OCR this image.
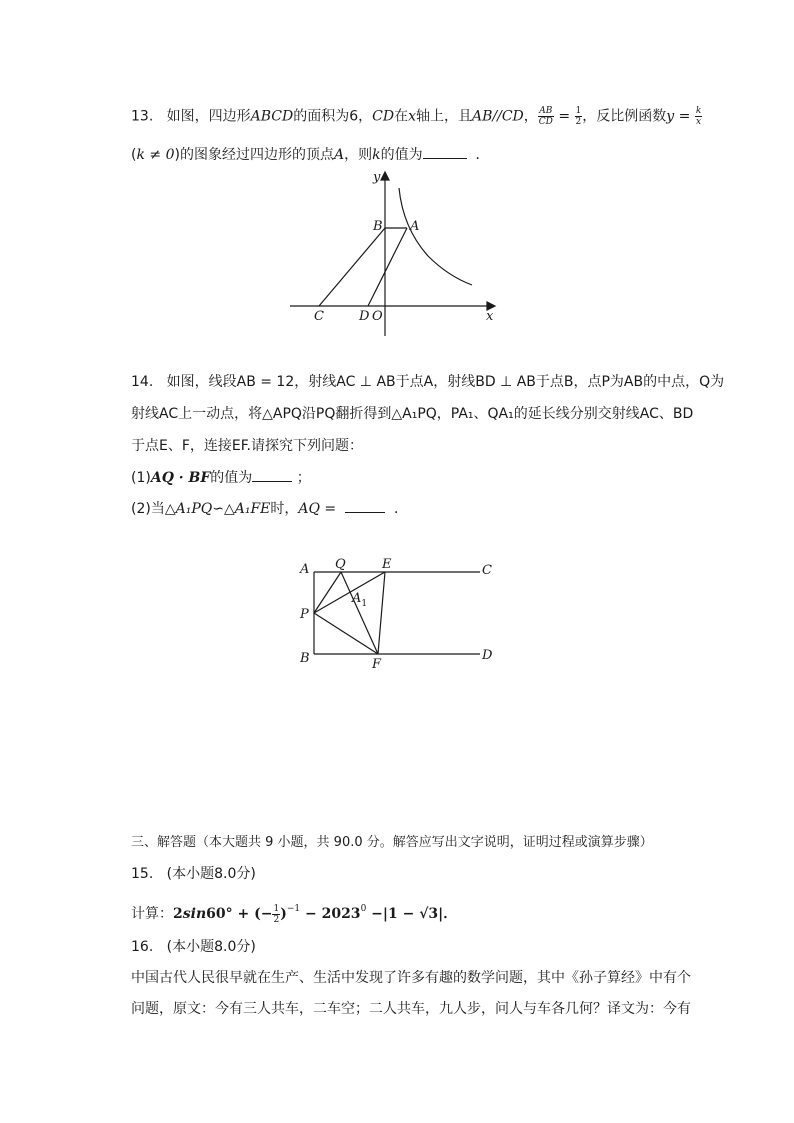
13. 如图，四边形ABCD的面积为6，CD在x轴上，且AB//CD， $\frac{AB}{CD} = \frac{1}{2}$ ，反比例函数$y = \frac{k}{x}$
(k ≠ 0)的图象经过四边形的顶点A，则k的值为	．
y
x
B A
C	D O
14. 如图，线段AB = 12，射线AC ⊥ AB于点A，射线BD ⊥ AB于点B，点P为AB的中点，Q为
射线AC上一动点，将△APQ沿PQ翻折得到△A₁PQ，PA₁、QA₁的延长线分别交射线AC、BD
于点E、F，连接EF.请探究下列问题：
(1)AQ · BF的值为	；
(2)当△A₁PQ∽△A₁FE时，AQ =	．
A Q	E	C
$A_1$
P
B	F
D
三、解答题（本大题共 9 小题，共 90.0 分。解答应写出文字说明，证明过程或演算步骤）
15. (本小题8.0分)
计算：2sin60° + (− $\frac{1}{2} )^{-1} - 2023^0 -|1 - √3|$．
16. (本小题8.0分)
中国古代人民很早就在生产、生活中发现了许多有趣的数学问题，其中《孙子算经》中有个
问题，原文：今有三人共车，二车空；二人共车，九人步，问人与车各几何？译文为：今有
